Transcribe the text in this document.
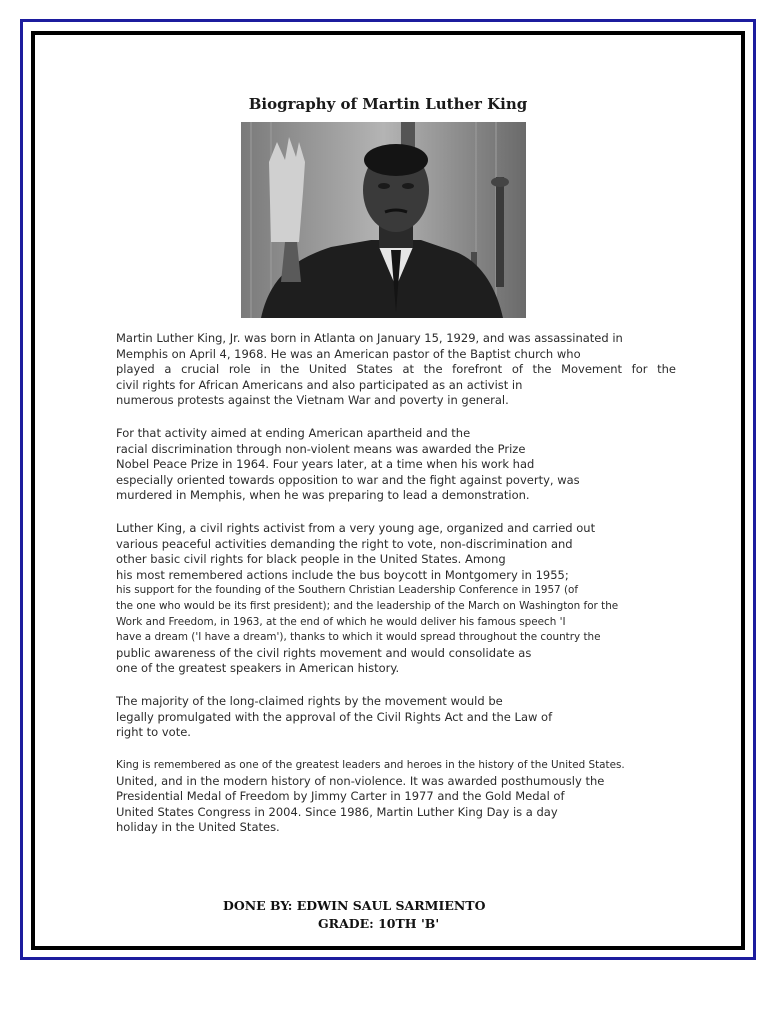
Biography of Martin Luther King
Martin Luther King, Jr. was born in Atlanta on January 15, 1929, and was assassinated in
Memphis on April 4, 1968. He was an American pastor of the Baptist church who
played a crucial role in the United States at the forefront of the Movement for the
civil rights for African Americans and also participated as an activist in
numerous protests against the Vietnam War and poverty in general.
For that activity aimed at ending American apartheid and the
racial discrimination through non-violent means was awarded the Prize
Nobel Peace Prize in 1964. Four years later, at a time when his work had
especially oriented towards opposition to war and the fight against poverty, was
murdered in Memphis, when he was preparing to lead a demonstration.
Luther King, a civil rights activist from a very young age, organized and carried out
various peaceful activities demanding the right to vote, non-discrimination and
other basic civil rights for black people in the United States. Among
his most remembered actions include the bus boycott in Montgomery in 1955;
his support for the founding of the Southern Christian Leadership Conference in 1957 (of
the one who would be its first president); and the leadership of the March on Washington for the
Work and Freedom, in 1963, at the end of which he would deliver his famous speech 'I
have a dream ('I have a dream'), thanks to which it would spread throughout the country the
public awareness of the civil rights movement and would consolidate as
one of the greatest speakers in American history.
The majority of the long-claimed rights by the movement would be
legally promulgated with the approval of the Civil Rights Act and the Law of
right to vote.
King is remembered as one of the greatest leaders and heroes in the history of the United States.
United, and in the modern history of non-violence. It was awarded posthumously the
Presidential Medal of Freedom by Jimmy Carter in 1977 and the Gold Medal of
United States Congress in 2004. Since 1986, Martin Luther King Day is a day
holiday in the United States.
DONE BY: EDWIN SAUL SARMIENTO
GRADE: 10TH 'B'
